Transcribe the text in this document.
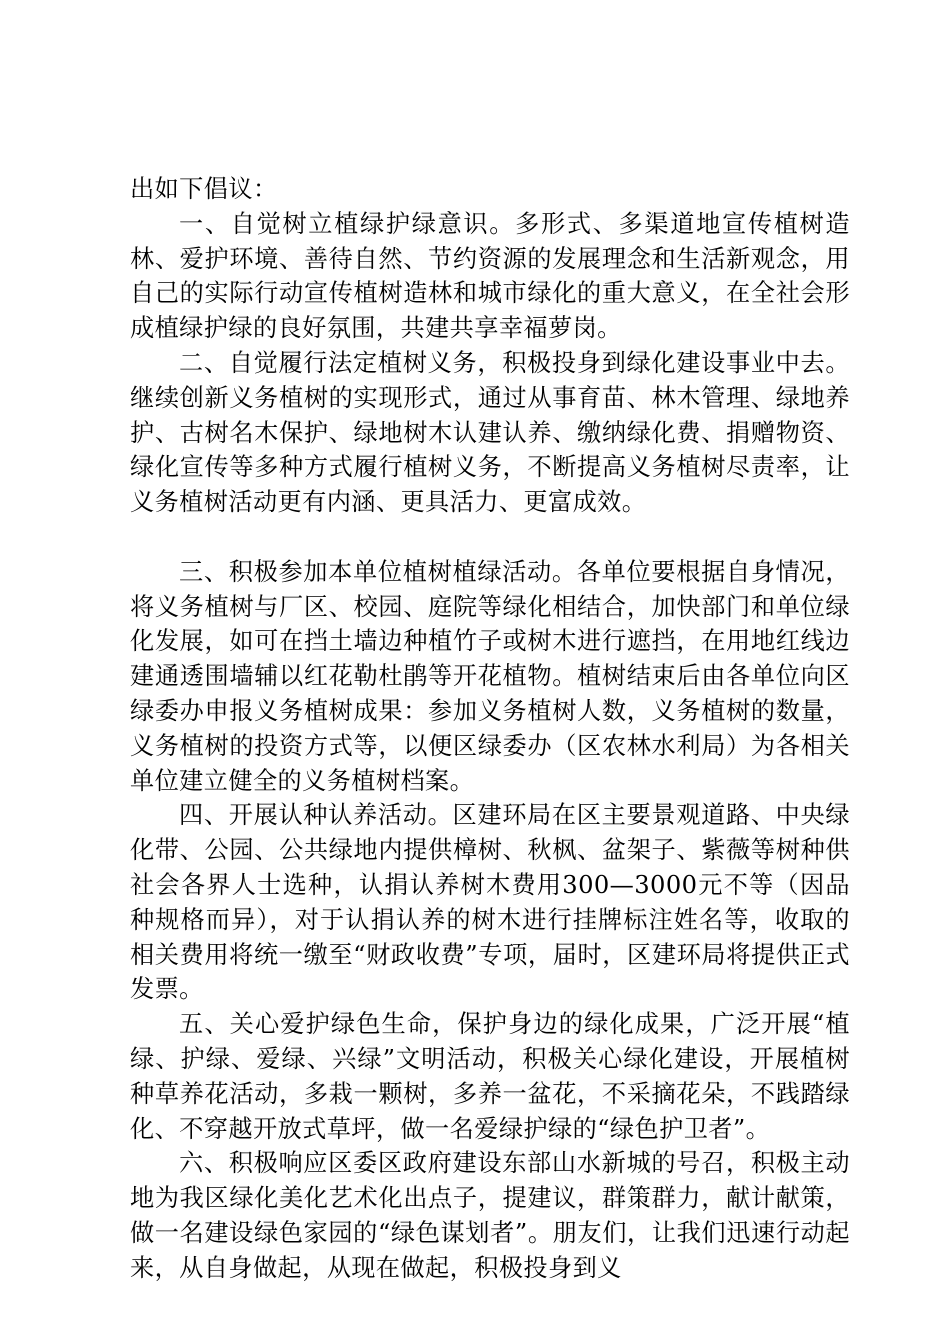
出如下倡议：

一、自觉树立植绿护绿意识。多形式、多渠道地宣传植树造林、爱护环境、善待自然、节约资源的发展理念和生活新观念，用自己的实际行动宣传植树造林和城市绿化的重大意义，在全社会形成植绿护绿的良好氛围，共建共享幸福萝岗。

二、自觉履行法定植树义务，积极投身到绿化建设事业中去。继续创新义务植树的实现形式，通过从事育苗、林木管理、绿地养护、古树名木保护、绿地树木认建认养、缴纳绿化费、捐赠物资、绿化宣传等多种方式履行植树义务，不断提高义务植树尽责率，让义务植树活动更有内涵、更具活力、更富成效。

三、积极参加本单位植树植绿活动。各单位要根据自身情况，将义务植树与厂区、校园、庭院等绿化相结合，加快部门和单位绿化发展，如可在挡土墙边种植竹子或树木进行遮挡，在用地红线边建通透围墙辅以红花勒杜鹃等开花植物。植树结束后由各单位向区绿委办申报义务植树成果：参加义务植树人数，义务植树的数量，义务植树的投资方式等，以便区绿委办（区农林水利局）为各相关单位建立健全的义务植树档案。

四、开展认种认养活动。区建环局在区主要景观道路、中央绿化带、公园、公共绿地内提供樟树、秋枫、盆架子、紫薇等树种供社会各界人士选种，认捐认养树木费用300—3000元不等（因品种规格而异），对于认捐认养的树木进行挂牌标注姓名等，收取的相关费用将统一缴至“财政收费”专项，届时，区建环局将提供正式发票。

五、关心爱护绿色生命，保护身边的绿化成果，广泛开展“植绿、护绿、爱绿、兴绿”文明活动，积极关心绿化建设，开展植树种草养花活动，多栽一颗树，多养一盆花，不采摘花朵，不践踏绿化、不穿越开放式草坪，做一名爱绿护绿的“绿色护卫者”。

六、积极响应区委区政府建设东部山水新城的号召，积极主动地为我区绿化美化艺术化出点子，提建议，群策群力，献计献策，做一名建设绿色家园的“绿色谋划者”。朋友们，让我们迅速行动起来，从自身做起，从现在做起，积极投身到义
